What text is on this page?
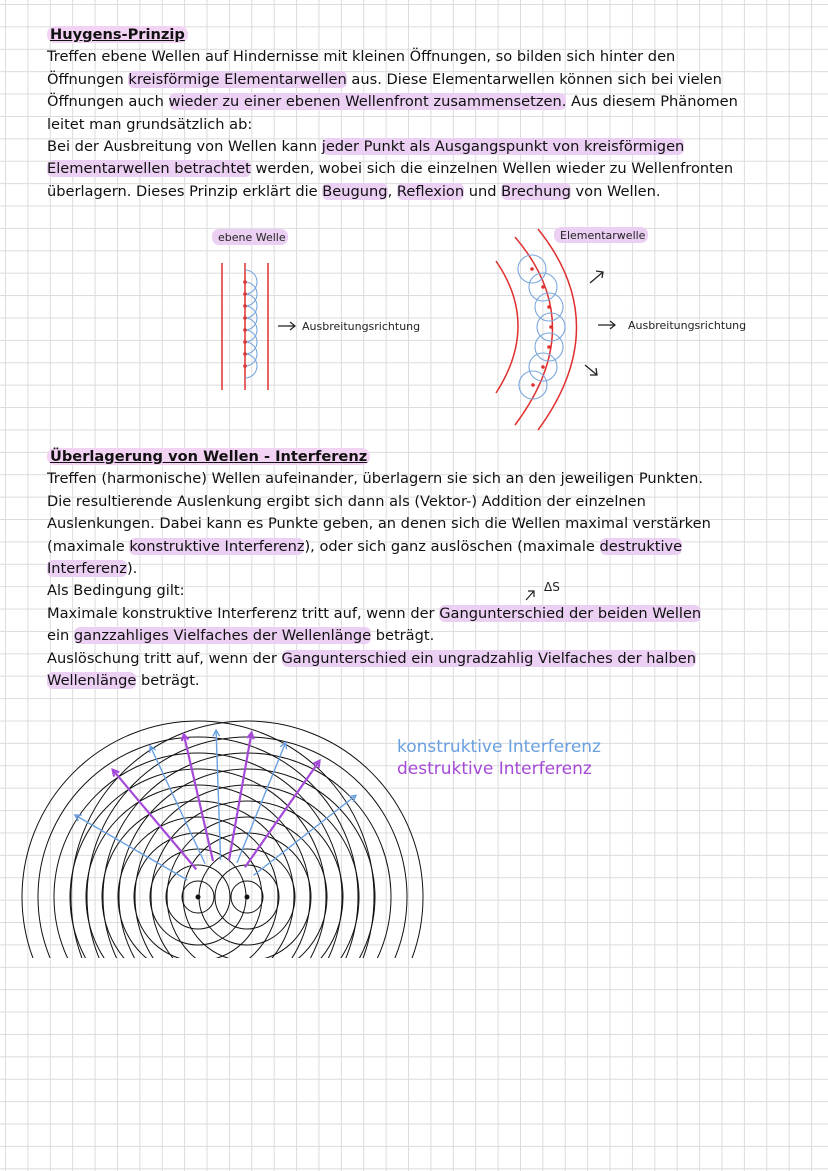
Huygens-Prinzip
Treffen ebene Wellen auf Hindernisse mit kleinen Öffnungen, so bilden sich hinter den
Öffnungen kreisförmige Elementarwellen aus. Diese Elementarwellen können sich bei vielen
Öffnungen auch wieder zu einer ebenen Wellenfront zusammensetzen. Aus diesem Phänomen
leitet man grundsätzlich ab:
Bei der Ausbreitung von Wellen kann jeder Punkt als Ausgangspunkt von kreisförmigen
Elementarwellen betrachtet werden, wobei sich die einzelnen Wellen wieder zu Wellenfronten
überlagern. Dieses Prinzip erklärt die Beugung, Reflexion und Brechung von Wellen.
ebene Welle
Ausbreitungsrichtung
Elementarwelle
Ausbreitungsrichtung
Überlagerung von Wellen - Interferenz
Treffen (harmonische) Wellen aufeinander, überlagern sie sich an den jeweiligen Punkten.
Die resultierende Auslenkung ergibt sich dann als (Vektor-) Addition der einzelnen
Auslenkungen. Dabei kann es Punkte geben, an denen sich die Wellen maximal verstärken
(maximale konstruktive Interferenz), oder sich ganz auslöschen (maximale destruktive
Interferenz).
Als Bedingung gilt:
Maximale konstruktive Interferenz tritt auf, wenn der Gangunterschied der beiden Wellen
ein ganzzahliges Vielfaches der Wellenlänge beträgt.
Auslöschung tritt auf, wenn der Gangunterschied ein ungradzahlig Vielfaches der halben
Wellenlänge beträgt.
ΔS
konstruktive Interferenz
destruktive Interferenz
